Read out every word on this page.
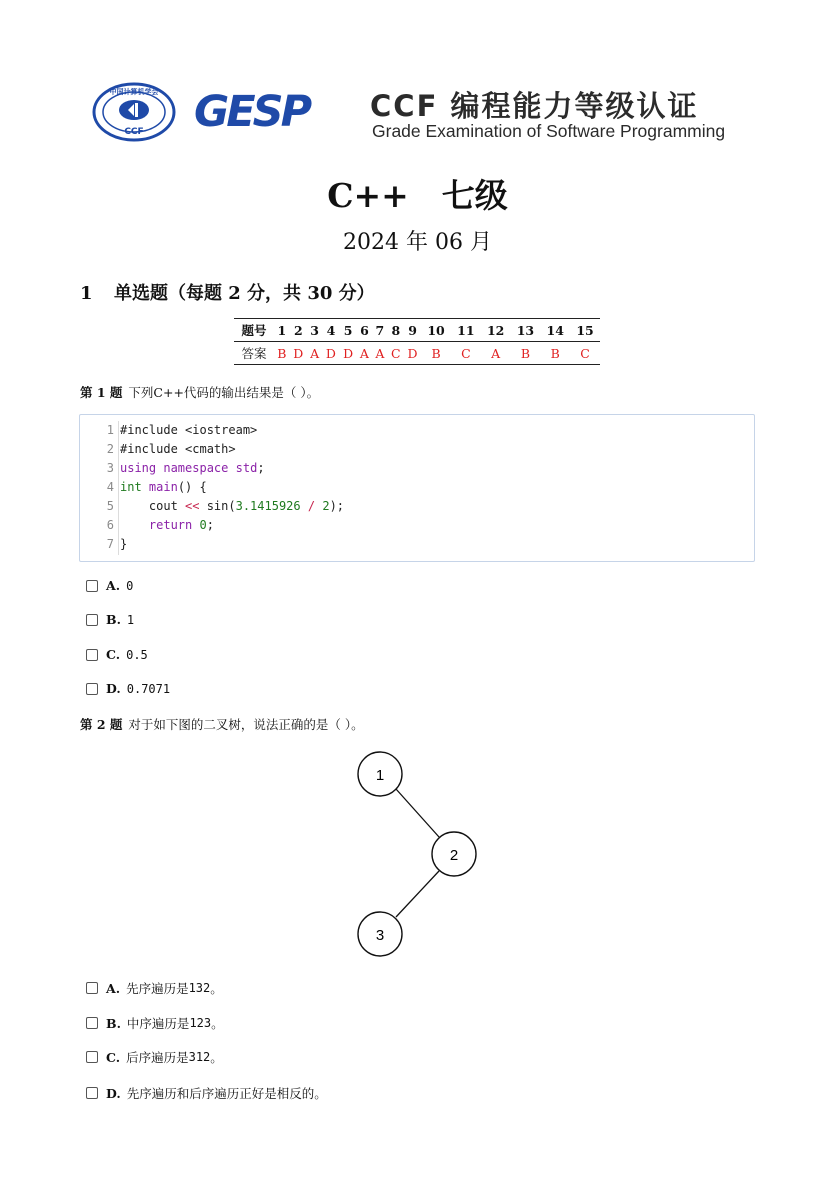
中国计算机学会
CCF GESP CCF 编程能力等级认证
Grade Examination of Software Programming
C++　七级
2024 年 06 月
1 单选题（每题 2 分，共 30 分）
题号	1	2	3	4	5	6	7	8	9	10	11	12	13	14	15
答案	B	D	A	D	D	A	A	C	D	B	C	A	B	B	C
第 1 题 下列C++代码的输出结果是（ ）。
1
2
3
4
5
6
7
#include <iostream>
#include <cmath>
using namespace std;
int main() {
cout << sin(3.1415926 / 2);
return 0;
}
A. 0
B. 1
C. 0.5
D. 0.7071
第 2 题 对于如下图的二叉树，说法正确的是（ ）。
1
2
3
A. 先序遍历是 132 。
B. 中序遍历是 123 。
C. 后序遍历是 312 。
D. 先序遍历和后序遍历正好是相反的。
